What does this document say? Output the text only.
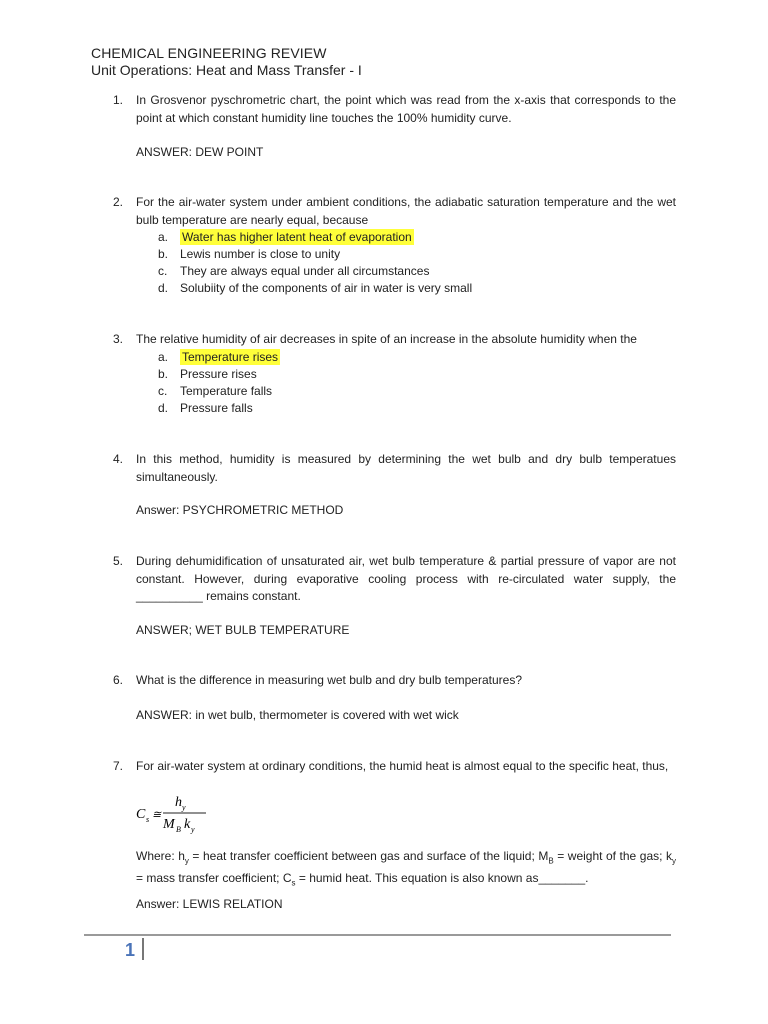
CHEMICAL ENGINEERING REVIEW
Unit Operations: Heat and Mass Transfer - I
1. In Grosvenor pyschrometric chart, the point which was read from the x-axis that corresponds to the point at which constant humidity line touches the 100% humidity curve.
ANSWER: DEW POINT
2. For the air-water system under ambient conditions, the adiabatic saturation temperature and the wet bulb temperature are nearly equal, because
a. Water has higher latent heat of evaporation
b. Lewis number is close to unity
c. They are always equal under all circumstances
d. Solubiity of the components of air in water is very small
3. The relative humidity of air decreases in spite of an increase in the absolute humidity when the
a. Temperature rises
b. Pressure rises
c. Temperature falls
d. Pressure falls
4. In this method, humidity is measured by determining the wet bulb and dry bulb temperatues simultaneously.
Answer: PSYCHROMETRIC METHOD
5. During dehumidification of unsaturated air, wet bulb temperature & partial pressure of vapor are not constant. However, during evaporative cooling process with re-circulated water supply, the __________ remains constant.
ANSWER; WET BULB TEMPERATURE
6. What is the difference in measuring wet bulb and dry bulb temperatures?
ANSWER: in wet bulb, thermometer is covered with wet wick
7. For air-water system at ordinary conditions, the humid heat is almost equal to the specific heat, thus,
C s ≅
h y
M B k y
Where: $h_y$ = heat transfer coefficient between gas and surface of the liquid; $M_B$ = weight of the gas; $k_y$ = mass transfer coefficient; $C_s$ = humid heat. This equation is also known as_______.
Answer: LEWIS RELATION
1
